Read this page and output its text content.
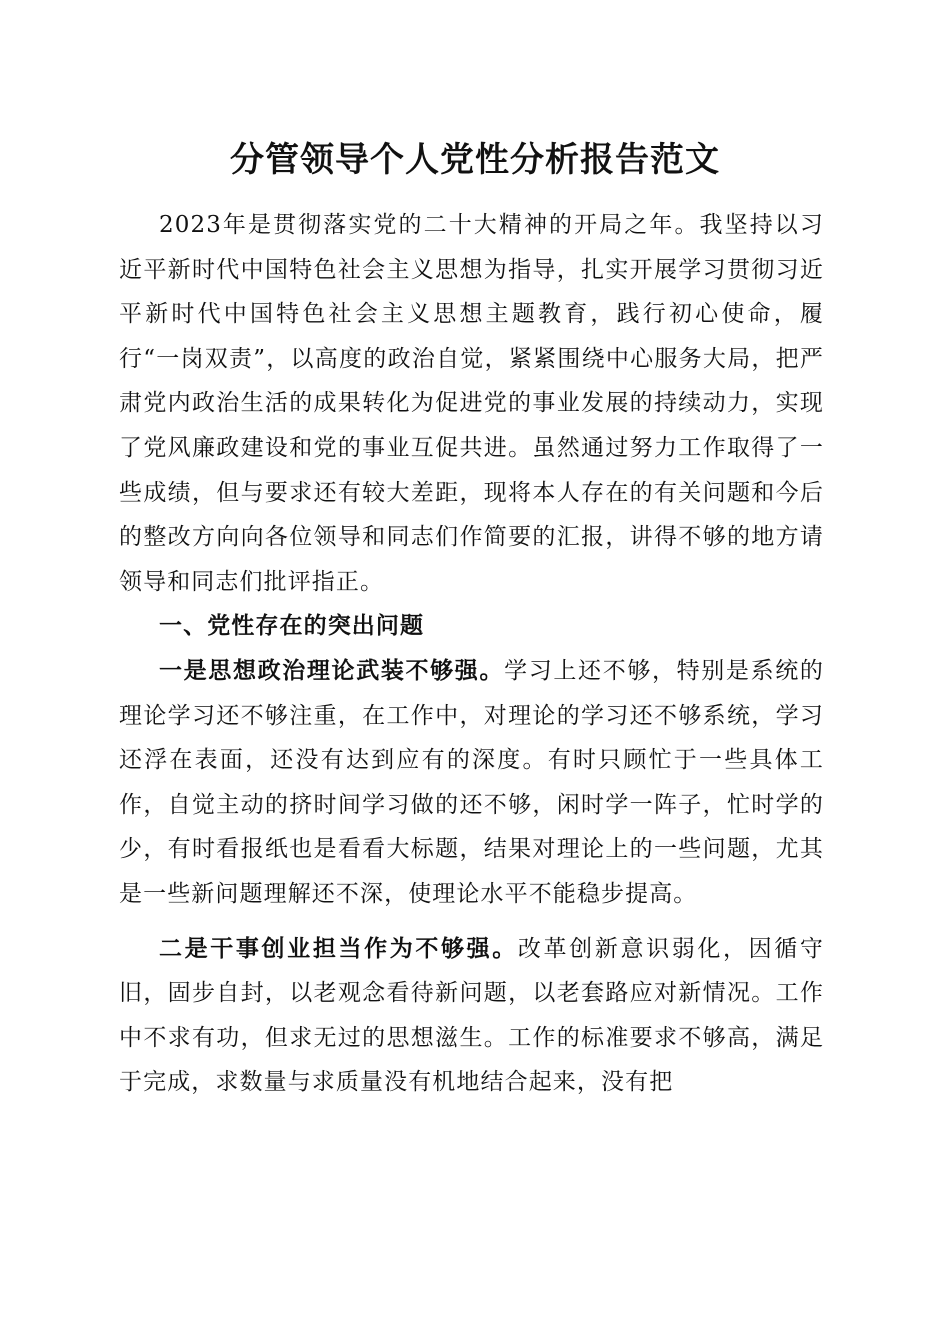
分管领导个人党性分析报告范文

2023年是贯彻落实党的二十大精神的开局之年。我坚持以习近平新时代中国特色社会主义思想为指导，扎实开展学习贯彻习近平新时代中国特色社会主义思想主题教育，践行初心使命，履行“一岗双责”，以高度的政治自觉，紧紧围绕中心服务大局，把严肃党内政治生活的成果转化为促进党的事业发展的持续动力，实现了党风廉政建设和党的事业互促共进。虽然通过努力工作取得了一些成绩，但与要求还有较大差距，现将本人存在的有关问题和今后的整改方向向各位领导和同志们作简要的汇报，讲得不够的地方请领导和同志们批评指正。

一、党性存在的突出问题

一是思想政治理论武装不够强。学习上还不够，特别是系统的理论学习还不够注重，在工作中，对理论的学习还不够系统，学习还浮在表面，还没有达到应有的深度。有时只顾忙于一些具体工作，自觉主动的挤时间学习做的还不够，闲时学一阵子，忙时学的少，有时看报纸也是看看大标题，结果对理论上的一些问题，尤其是一些新问题理解还不深，使理论水平不能稳步提高。

二是干事创业担当作为不够强。改革创新意识弱化，因循守旧，固步自封，以老观念看待新问题，以老套路应对新情况。工作中不求有功，但求无过的思想滋生。工作的标准要求不够高，满足于完成，求数量与求质量没有机地结合起来，没有把
